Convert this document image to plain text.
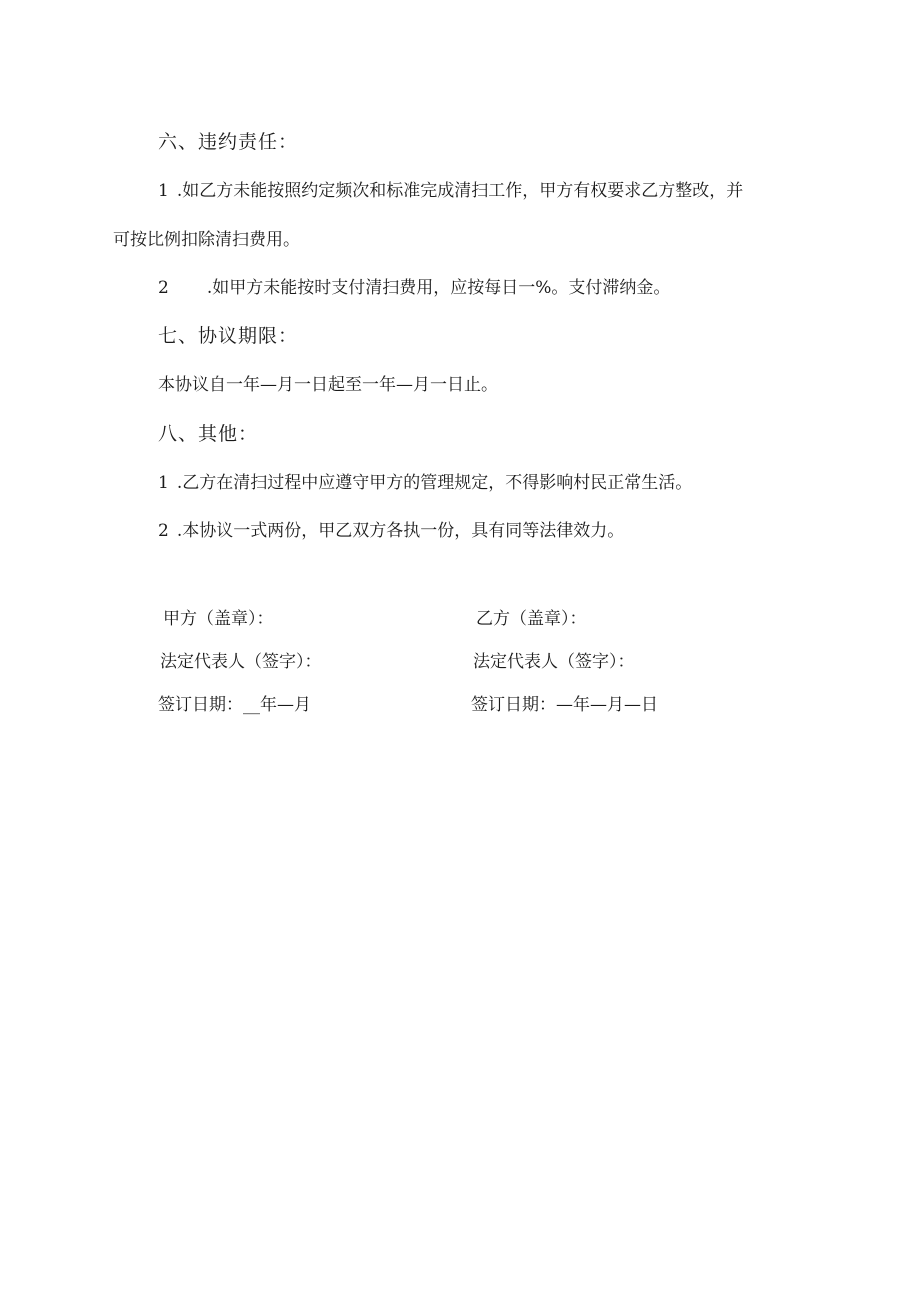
六、违约责任：
1 .如乙方未能按照约定频次和标准完成清扫工作，甲方有权要求乙方整改，并
可按比例扣除清扫费用。
2 .如甲方未能按时支付清扫费用，应按每日一%。支付滞纳金。
七、协议期限：
本协议自一年—月一日起至一年—月一日止。
八、其他：
1 .乙方在清扫过程中应遵守甲方的管理规定，不得影响村民正常生活。
2 .本协议一式两份，甲乙双方各执一份，具有同等法律效力。
甲方（盖章）：
法定代表人（签字）：
签订日期：__年—月
乙方（盖章）：
法定代表人（签字）：
签订日期：—年—月—日
